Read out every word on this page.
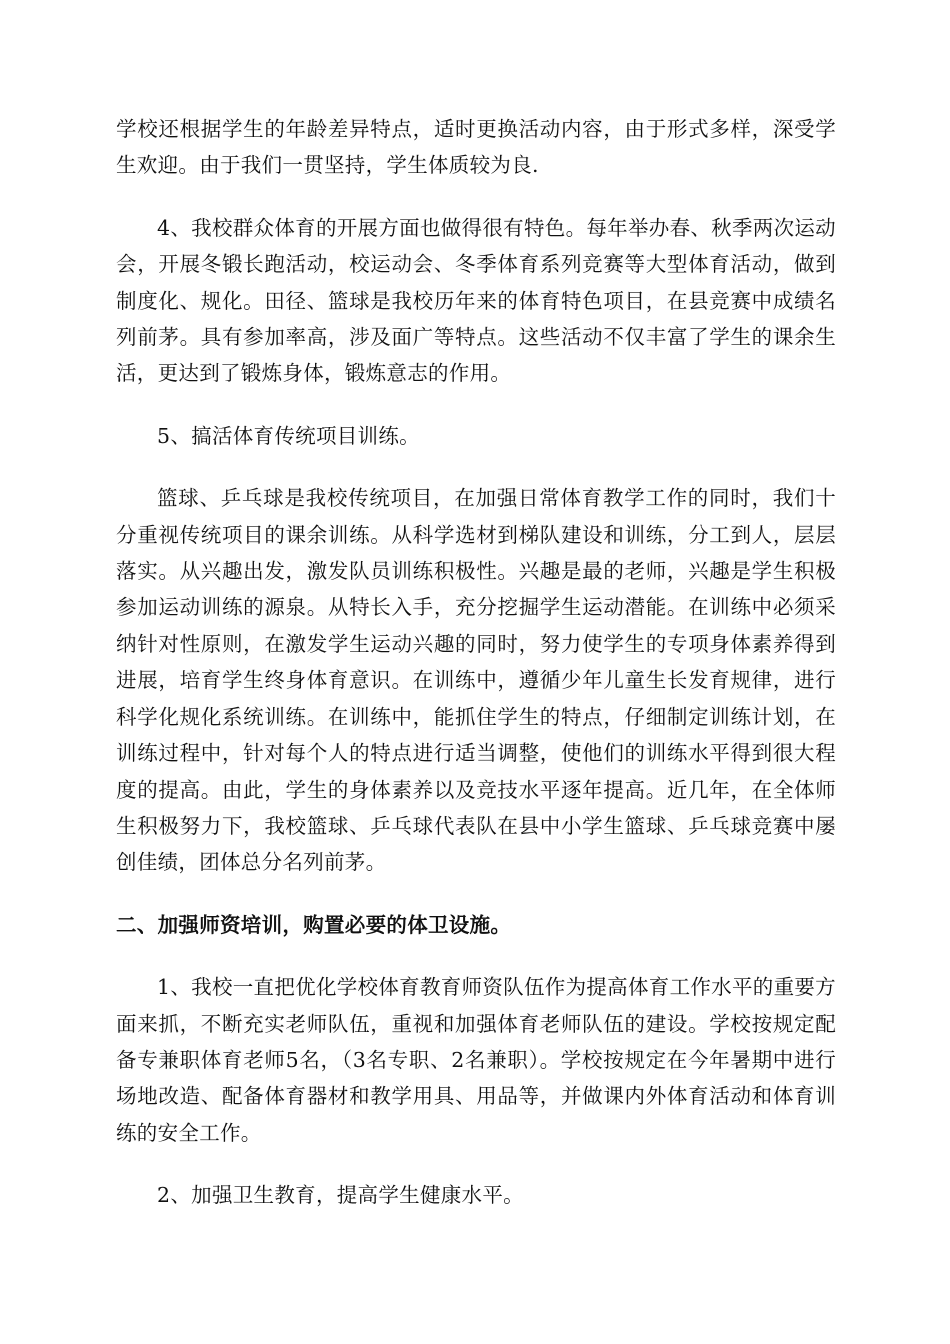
学校还根据学生的年龄差异特点，适时更换活动内容，由于形式多样，深受学生欢迎。由于我们一贯坚持，学生体质较为良.

4、我校群众体育的开展方面也做得很有特色。每年举办春、秋季两次运动会，开展冬锻长跑活动，校运动会、冬季体育系列竞赛等大型体育活动，做到制度化、规化。田径、篮球是我校历年来的体育特色项目，在县竞赛中成绩名列前茅。具有参加率高，涉及面广等特点。这些活动不仅丰富了学生的课余生活，更达到了锻炼身体，锻炼意志的作用。

5、搞活体育传统项目训练。

篮球、乒乓球是我校传统项目，在加强日常体育教学工作的同时，我们十分重视传统项目的课余训练。从科学选材到梯队建设和训练，分工到人，层层落实。从兴趣出发，激发队员训练积极性。兴趣是最的老师，兴趣是学生积极参加运动训练的源泉。从特长入手，充分挖掘学生运动潜能。在训练中必须采纳针对性原则，在激发学生运动兴趣的同时，努力使学生的专项身体素养得到进展，培育学生终身体育意识。在训练中，遵循少年儿童生长发育规律，进行科学化规化系统训练。在训练中，能抓住学生的特点，仔细制定训练计划，在训练过程中，针对每个人的特点进行适当调整，使他们的训练水平得到很大程度的提高。由此，学生的身体素养以及竞技水平逐年提高。近几年，在全体师生积极努力下，我校篮球、乒乓球代表队在县中小学生篮球、乒乓球竞赛中屡创佳绩，团体总分名列前茅。

二、加强师资培训，购置必要的体卫设施。

1、我校一直把优化学校体育教育师资队伍作为提高体育工作水平的重要方面来抓，不断充实老师队伍，重视和加强体育老师队伍的建设。学校按规定配备专兼职体育老师5名，（3名专职、2名兼职）。学校按规定在今年暑期中进行场地改造、配备体育器材和教学用具、用品等，并做课内外体育活动和体育训练的安全工作。

2、加强卫生教育，提高学生健康水平。
